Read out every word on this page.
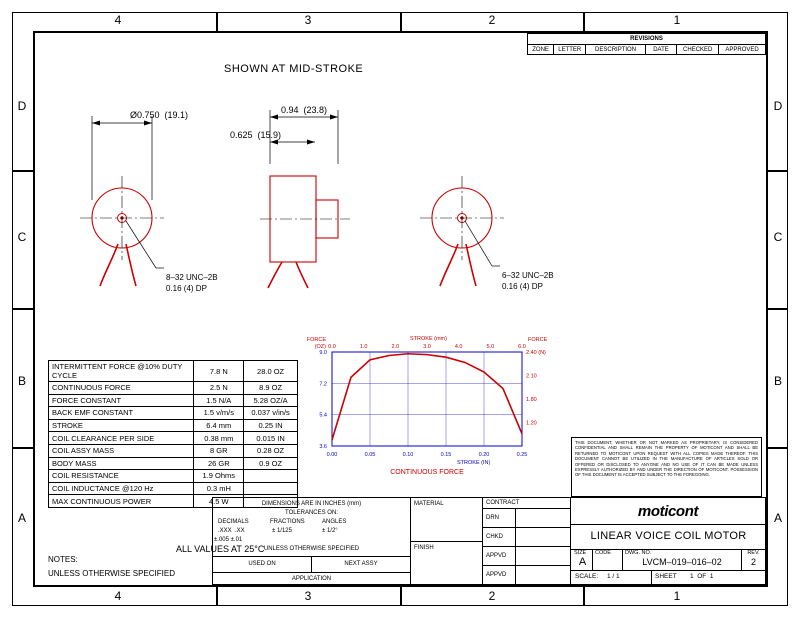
4	3	2	1
4	3	2	1
D
C
B
A
D
C
B
A
REVISIONS
ZONE	LETTER	DESCRIPTION	DATE	CHECKED	APPROVED
SHOWN AT MID-STROKE
Ø0.750  (19.1)	0.94  (23.8)
0.625  (15.9)
8–32 UNC–2B
0.16 (4) DP
6–32 UNC–2B
0.16 (4) DP
INTERMITTENT FORCE @10% DUTY CYCLE	7.8 N	28.0 OZ
CONTINUOUS FORCE	2.5 N	8.9 OZ
FORCE CONSTANT	1.5 N/A	5.28 OZ/A
BACK EMF CONSTANT	1.5 v/m/s	0.037 v/in/s
STROKE	6.4 mm	0.25 IN
COIL CLEARANCE PER SIDE	0.38 mm	0.015 IN
COIL ASSY MASS	8 GR	0.28 OZ
BODY MASS	26 GR	0.9 OZ
COIL RESISTANCE	1.9 Ohms	
COIL INDUCTANCE @120 Hz	0.3 mH	
MAX CONTINUOUS POWER	4.5 W	
ALL VALUES AT 25°C
NOTES:
UNLESS OTHERWISE SPECIFIED
0.00	0.05	0.10	0.15	0.20	0.25
3.6
5.4
7.2
9.0
0.0	1.0	2.0	3.0	4.0	5.0	6.0
1.20
1.80
2.10
2.40 (N)
FORCE
(OZ)
FORCE
STROKE (mm)
STROKE (IN)
CONTINUOUS FORCE
THIS DOCUMENT, WHETHER OR NOT MARKED AS PROPRIETARY, IS CONSIDERED CONFIDENTIAL AND SHALL REMAIN THE PROPERTY OF MOTICONT AND SHALL BE RETURNED TO MOTICONT UPON REQUEST WITH ALL COPIES MADE THEREOF. THIS DOCUMENT CANNOT BE UTILIZED IN THE MANUFACTURE OF ARTICLES SOLD OR OFFERED OR DISCLOSED TO ANYONE AND NO USE OF IT CAN BE MADE UNLESS EXPRESSLY AUTHORIZED BY AND UNDER THE DIRECTION OF MOTICONT. POSSESSION OF THIS DOCUMENT IS ACCEPTED SUBJECT TO THE FOREGOING.
DIMENSIONS ARE IN INCHES (mm)
TOLERANCES ON:
DECIMALS	FRACTIONS	ANGLES
.XXX  .XX	± 1/125	± 1/2°
±.005 ±.01
UNLESS OTHERWISE SPECIFIED
USED ON	NEXT ASSY
APPLICATION
MATERIAL
FINISH
CONTRACT
DRN
CHKD
APPVD
APPVD
moticont
LINEAR VOICE COIL MOTOR
SIZE
A
CODE	DWG. NO.
LVCM–019–016–02
REV.
2
SCALE: 1 / 1	SHEET 1  OF  1
